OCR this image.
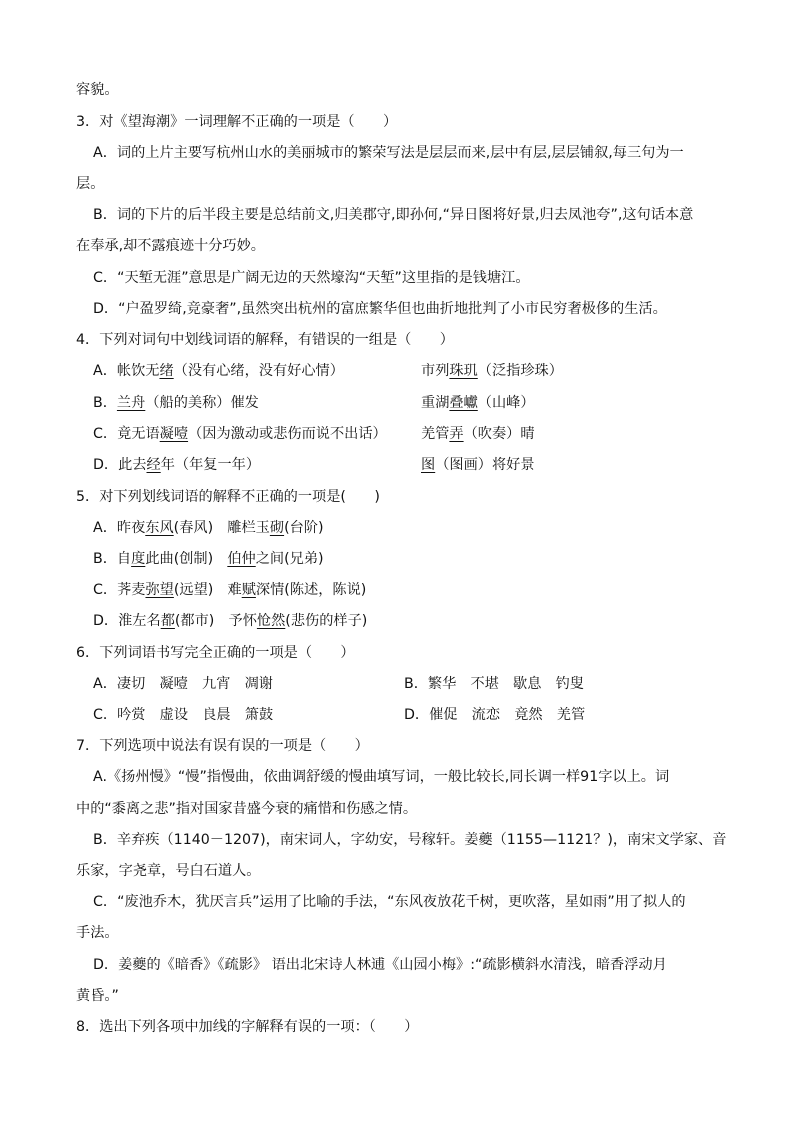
容貌。
3．对《望海潮》一词理解不正确的一项是（　　）
A．词的上片主要写杭州山水的美丽城市的繁荣写法是层层而来,层中有层,层层铺叙,每三句为一
层。
B．词的下片的后半段主要是总结前文,归美郡守,即孙何,“异日图将好景,归去凤池夸”,这句话本意
在奉承,却不露痕迹十分巧妙。
C．“天堑无涯”意思是广阔无边的天然壕沟“天堑”这里指的是钱塘江。
D．“户盈罗绮,竞豪奢”,虽然突出杭州的富庶繁华但也曲折地批判了小市民穷奢极侈的生活。
4．下列对词句中划线词语的解释，有错误的一组是（　　）
A．帐饮无绪（没有心绪，没有好心情）	市列珠玑（泛指珍珠）
B．兰舟（船的美称）催发	重湖叠巘（山峰）
C．竟无语凝噎（因为激动或悲伤而说不出话） 羌管弄（吹奏）晴
D．此去经年（年复一年）	图（图画）将好景
5．对下列划线词语的解释不正确的一项是(　　)
A．昨夜东风(春风)　雕栏玉砌(台阶)
B．自度此曲(创制)　伯仲之间(兄弟)
C．荠麦弥望(远望)　难赋深情(陈述，陈说)
D．淮左名都(都市)　予怀怆然(悲伤的样子)
6．下列词语书写完全正确的一项是（　　）
A．凄切　凝噎　九宵　凋谢	B．繁华　不堪　歇息　钓叟
C．吟赏　虚设　良晨　箫鼓	D．催促　流恋　竟然　羌管
7．下列选项中说法有误有误的一项是（　　）
A.《扬州慢》“慢”指慢曲，依曲调舒缓的慢曲填写词，一般比较长,同长调一样91字以上。词
中的“黍离之悲”指对国家昔盛今衰的痛惜和伤感之情。
B．辛弃疾（1140－1207)，南宋词人，字幼安，号稼轩。姜夔（1155—1121？)，南宋文学家、音
乐家，字尧章，号白石道人。
C．“废池乔木，犹厌言兵”运用了比喻的手法，“东风夜放花千树，更吹落，星如雨”用了拟人的
手法。
D．姜夔的《暗香》《疏影》 语出北宋诗人林逋《山园小梅》:“疏影横斜水清浅，暗香浮动月
黄昏。”
8．选出下列各项中加线的字解释有误的一项：（　　）
